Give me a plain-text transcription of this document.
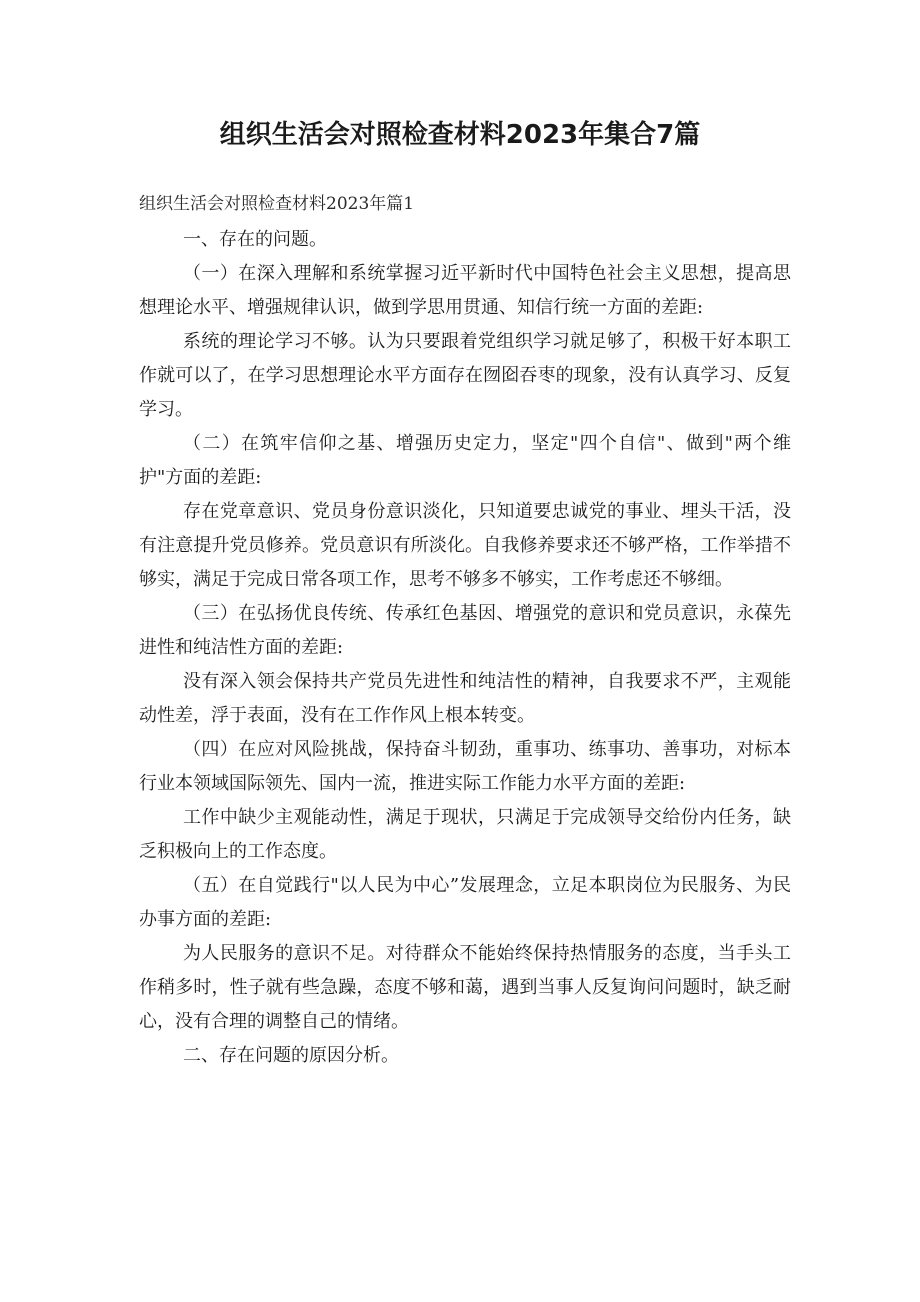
组织生活会对照检查材料2023年集合7篇

组织生活会对照检查材料2023年篇1

一、存在的问题。

（一）在深入理解和系统掌握习近平新时代中国特色社会主义思想，提高思想理论水平、增强规律认识，做到学思用贯通、知信行统一方面的差距:

系统的理论学习不够。认为只要跟着党组织学习就足够了，积极干好本职工作就可以了，在学习思想理论水平方面存在囫囵吞枣的现象，没有认真学习、反复学习。

（二）在筑牢信仰之基、增强历史定力，坚定"四个自信"、做到"两个维护"方面的差距:

存在党章意识、党员身份意识淡化，只知道要忠诚党的事业、埋头干活，没有注意提升党员修养。党员意识有所淡化。自我修养要求还不够严格，工作举措不够实，满足于完成日常各项工作，思考不够多不够实，工作考虑还不够细。

（三）在弘扬优良传统、传承红色基因、增强党的意识和党员意识，永葆先进性和纯洁性方面的差距:

没有深入领会保持共产党员先进性和纯洁性的精神，自我要求不严，主观能动性差，浮于表面，没有在工作作风上根本转变。

（四）在应对风险挑战，保持奋斗韧劲，重事功、练事功、善事功，对标本行业本领域国际领先、国内一流，推进实际工作能力水平方面的差距:

工作中缺少主观能动性，满足于现状，只满足于完成领导交给份内任务，缺乏积极向上的工作态度。

（五）在自觉践行"以人民为中心”发展理念，立足本职岗位为民服务、为民办事方面的差距:

为人民服务的意识不足。对待群众不能始终保持热情服务的态度，当手头工作稍多时，性子就有些急躁，态度不够和蔼，遇到当事人反复询问问题时，缺乏耐心，没有合理的调整自己的情绪。

二、存在问题的原因分析。
